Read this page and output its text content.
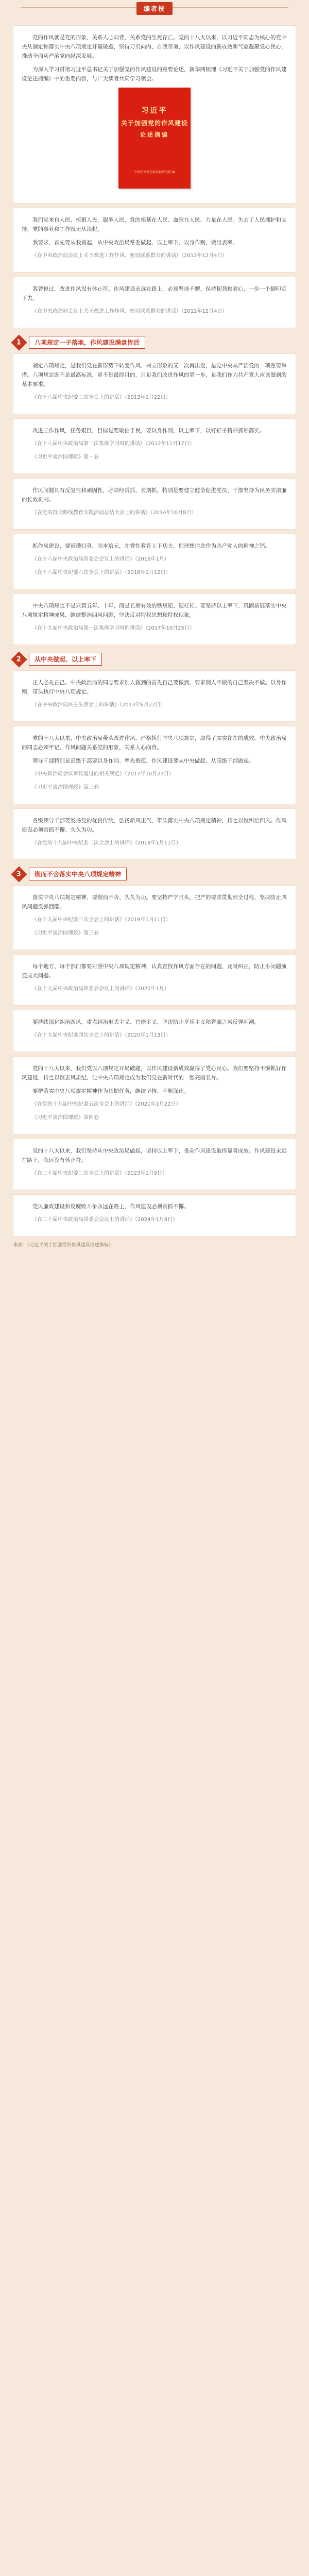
编者按

党的作风就是党的形象，关系人心向背，关系党的生死存亡。党的十八大以来，以习近平同志为核心的党中央从制定和落实中央八项规定开篇破题，坚持刀刃向内、自我革命，以作风建设的新成效新气象凝聚党心民心，推动全面从严治党向纵深发展。

为深入学习贯彻习近平总书记关于加强党的作风建设的重要论述，新华网梳理《习近平关于加强党的作风建设论述摘编》中的重要内容，与广大读者共同学习领会。

习近平
关于加强党的作风建设
论述摘编
中共中央党史和文献研究院 编

我们党来自人民，植根人民，服务人民，党的根基在人民、血脉在人民、力量在人民。失去了人民拥护和支持，党的事业和工作就无从谈起。

我要求，首先要从我做起，从中央政治局常委做起，以上率下，以身作则，做出表率。

《在中央政治局会议上关于改进工作作风、密切联系群众的讲话》（2012年12月4日）

我曾说过，改进作风没有休止符。作风建设永远在路上，必须坚持不懈，保持韧劲和耐心，一步一个脚印走下去。

《在中央政治局会议上关于改进工作作风、密切联系群众的讲话》（2012年12月4日）

1	八项规定一子落地，作风建设满盘皆活

制定八项规定，是我们党在新形势下转变作风、树立形象的又一次再出发，是党中央从严治党的一项重要举措。八项规定既不是最高标准，更不是最终目的，只是我们改进作风的第一步，是我们作为共产党人应该做到的基本要求。

《在十八届中央纪委二次全会上的讲话》（2013年1月22日）

改进工作作风，任务艰巨，目标是要取信于民，要以身作则，以上率下，以钉钉子精神抓好落实。

《在十八届中央政治局第一次集体学习时的讲话》（2012年11月17日）

《习近平谈治国理政》第一卷

作风问题具有反复性和顽固性，必须经常抓、长期抓，特别是要建立健全促进党员、干部坚持为民务实清廉的长效机制。

《在党的群众路线教育实践活动总结大会上的讲话》（2014年10月8日）

抓作风建设，要返璞归真、固本培元，在党性教育上下功夫，把理想信念作为共产党人的精神之钙。

《在十八届中央政治局常委会会议上的讲话》（2016年1月）

《在十八届中央纪委六次全会上的讲话》（2016年1月12日）

中央八项规定不是只管五年、十年，而是长期有效的铁规矩、硬杠杠。要坚持以上率下，巩固拓展落实中央八项规定精神成果，继续整治四风问题，坚决反对特权思想和特权现象。

《在十九届中央政治局第一次集体学习时的讲话》（2017年10月25日）

2	从中央做起、以上率下

正人必先正己。中央政治局的同志要求别人做到的首先自己要做到，要求别人不做的自己坚决不做。以身作则，带头执行中央八项规定。

《在中央政治局民主生活会上的讲话》（2013年6月22日）

党的十八大以来，中央政治局带头改进作风，严格执行中央八项规定，取得了实实在在的成效。中央政治局的同志必须牢记，作风问题关系党的形象，关系人心向背。

领导干部特别是高级干部要以身作则、率先垂范，作风建设要从中央做起、从高级干部做起。

《中央政治局会议审议通过的相关规定》（2017年10月27日）

《习近平谈治国理政》第三卷

各级领导干部要发扬党的优良传统，弘扬新风正气，带头落实中央八项规定精神，持之以恒纠治四风。作风建设必须常抓不懈、久久为功。

《在党的十九届中央纪委二次全会上的讲话》（2018年1月11日）

3	锲而不舍落实中央八项规定精神

落实中央八项规定精神，要锲而不舍、久久为功。要坚持严字当头，把严的要求贯彻到全过程，坚决防止四风问题反弹回潮。

《在十九届中央纪委三次全会上的讲话》（2019年1月11日）

《习近平谈治国理政》第三卷

每个地方、每个部门都要对照中央八项规定精神，认真查找作风方面存在的问题，及时纠正，防止小问题演变成大问题。

《在十九届中央政治局常委会会议上的讲话》（2020年1月）

要持续深化纠治四风，重点纠治形式主义、官僚主义，坚决防止享乐主义和奢靡之风反弹回潮。

《在十九届中央纪委四次全会上的讲话》（2020年1月13日）

党的十八大以来，我们党以八项规定开局破题，以作风建设新成效赢得了党心民心。我们要坚持不懈抓好作风建设，持之以恒正风肃纪，让中央八项规定成为我们党在新时代的一张亮丽名片。

要把落实中央八项规定精神作为长期任务，继续坚持、不断深化。

《在党的十九届中央纪委五次全会上的讲话》（2021年1月22日）

《习近平谈治国理政》第四卷

党的十八大以来，我们坚持从中央政治局做起，坚持以上率下，推动作风建设取得显著成效。作风建设永远在路上，永远没有休止符。

《在二十届中央纪委二次全会上的讲话》（2023年1月9日）

党风廉政建设和反腐败斗争永远在路上，作风建设必须常抓不懈。

《在二十届中央政治局常委会会议上的讲话》（2024年1月8日）

来源：《习近平关于加强党的作风建设论述摘编》
